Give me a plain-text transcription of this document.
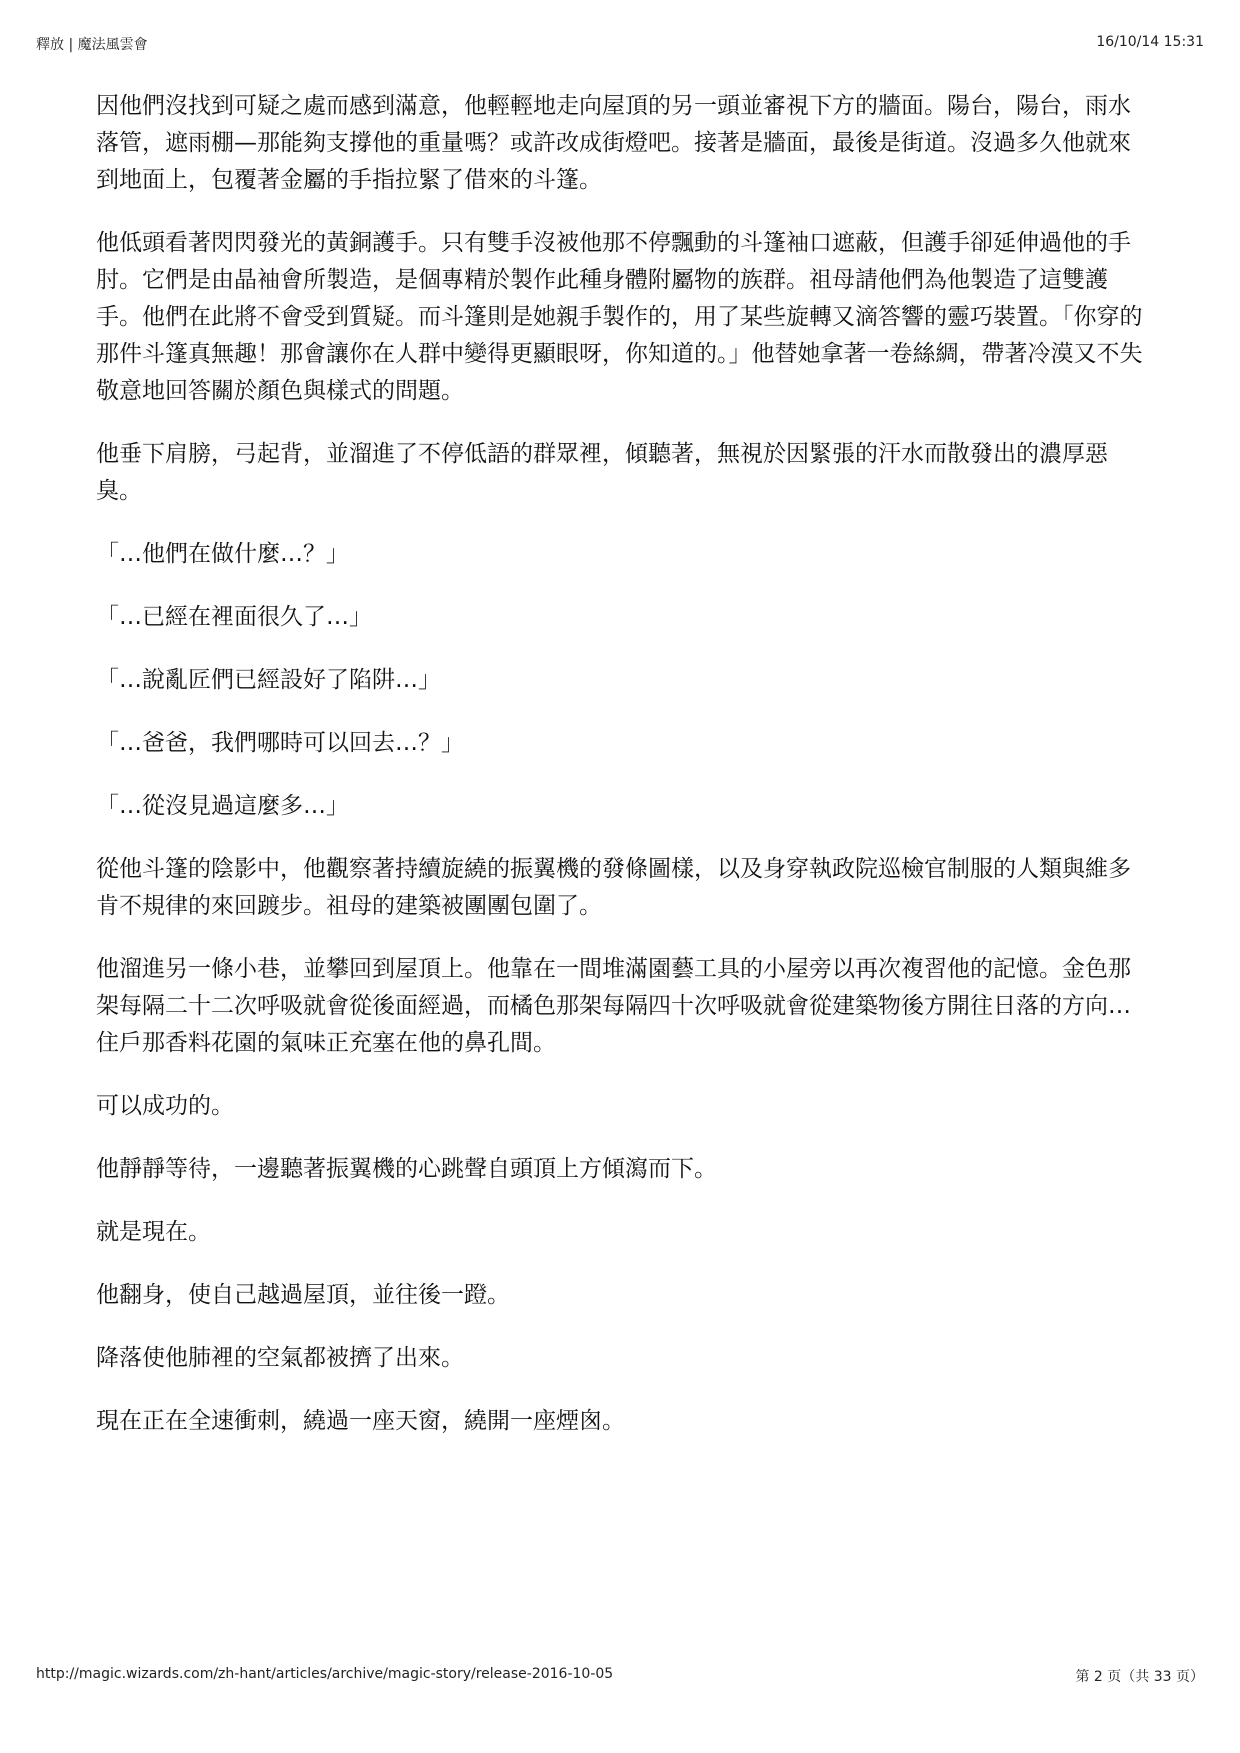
釋放 | 魔法風雲會	16/10/14 15:31

因他們沒找到可疑之處而感到滿意，他輕輕地走向屋頂的另一頭並審視下方的牆面。陽台，陽台，雨水落管，遮雨棚—那能夠支撐他的重量嗎？或許改成街燈吧。接著是牆面，最後是街道。沒過多久他就來到地面上，包覆著金屬的手指拉緊了借來的斗篷。

他低頭看著閃閃發光的黃銅護手。只有雙手沒被他那不停飄動的斗篷袖口遮蔽，但護手卻延伸過他的手肘。它們是由晶袖會所製造，是個專精於製作此種身體附屬物的族群。祖母請他們為他製造了這雙護手。他們在此將不會受到質疑。而斗篷則是她親手製作的，用了某些旋轉又滴答響的靈巧裝置。「你穿的那件斗篷真無趣！那會讓你在人群中變得更顯眼呀，你知道的。」他替她拿著一卷絲綢，帶著冷漠又不失敬意地回答關於顏色與樣式的問題。

他垂下肩膀，弓起背，並溜進了不停低語的群眾裡，傾聽著，無視於因緊張的汗水而散發出的濃厚惡臭。

「…他們在做什麼…？」

「…已經在裡面很久了…」

「…說亂匠們已經設好了陷阱…」

「…爸爸，我們哪時可以回去…？」

「…從沒見過這麼多…」

從他斗篷的陰影中，他觀察著持續旋繞的振翼機的發條圖樣，以及身穿執政院巡檢官制服的人類與維多肯不規律的來回踱步。祖母的建築被團團包圍了。

他溜進另一條小巷，並攀回到屋頂上。他靠在一間堆滿園藝工具的小屋旁以再次複習他的記憶。金色那架每隔二十二次呼吸就會從後面經過，而橘色那架每隔四十次呼吸就會從建築物後方開往日落的方向…住戶那香料花園的氣味正充塞在他的鼻孔間。

可以成功的。

他靜靜等待，一邊聽著振翼機的心跳聲自頭頂上方傾瀉而下。

就是現在。

他翻身，使自己越過屋頂，並往後一蹬。

降落使他肺裡的空氣都被擠了出來。

現在正在全速衝刺，繞過一座天窗，繞開一座煙囪。

http://magic.wizards.com/zh-hant/articles/archive/magic-story/release-2016-10-05	第 2 页（共 33 页）
